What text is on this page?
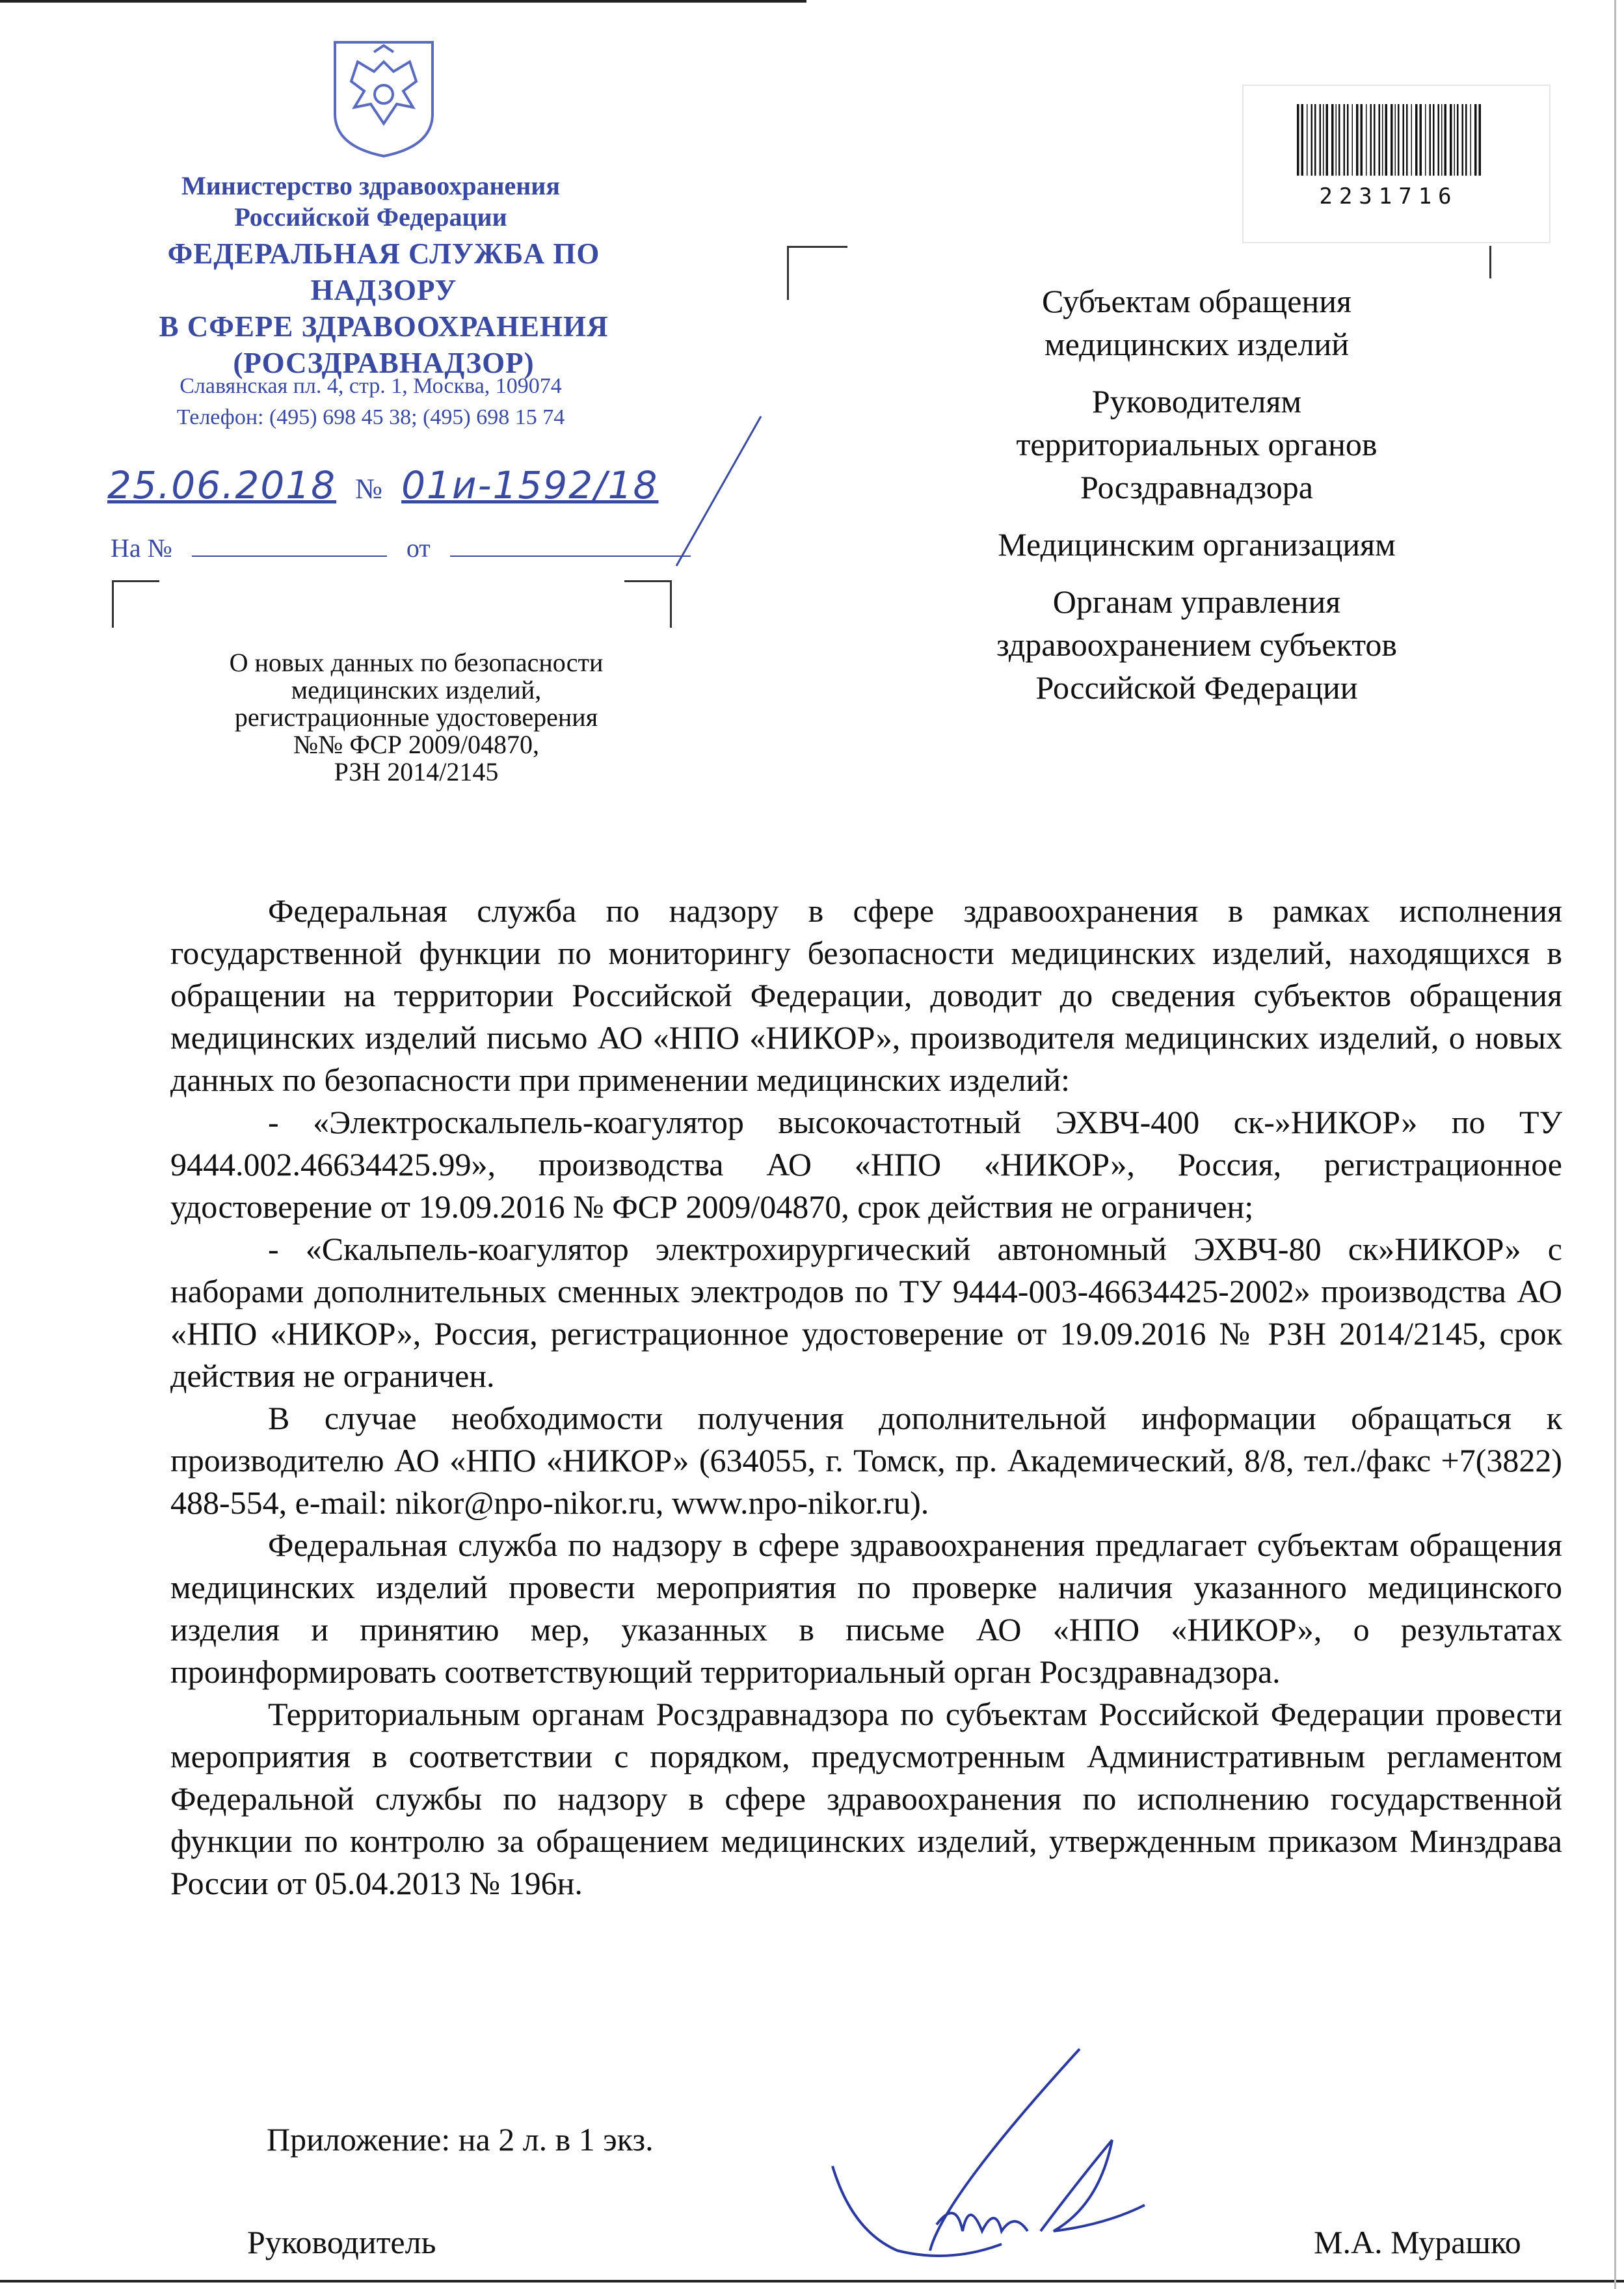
Министерство здравоохранения
Российской Федерации
ФЕДЕРАЛЬНАЯ СЛУЖБА ПО НАДЗОРУ
В СФЕРЕ ЗДРАВООХРАНЕНИЯ
(РОСЗДРАВНАДЗОР)
Славянская пл. 4, стр. 1, Москва, 109074
Телефон: (495) 698 45 38; (495) 698 15 74
25.06.2018 № 01и-1592/18
На №	от
О новых данных по безопасности
медицинских изделий,
регистрационные удостоверения
№№ ФСР 2009/04870,
РЗН 2014/2145
2231716

Субъектам обращения медицинских изделий

Руководителям территориальных органов Росздравнадзора

Медицинским организациям

Органам управления здравоохранением субъектов Российской Федерации

Федеральная служба по надзору в сфере здравоохранения в рамках исполнения государственной функции по мониторингу безопасности медицинских изделий, находящихся в обращении на территории Российской Федерации, доводит до сведения субъектов обращения медицинских изделий письмо АО «НПО «НИКОР», производителя медицинских изделий, о новых данных по безопасности при применении медицинских изделий:

- «Электроскальпель-коагулятор высокочастотный ЭХВЧ-400 ск-»НИКОР» по ТУ 9444.002.46634425.99», производства АО «НПО «НИКОР», Россия, регистрационное удостоверение от 19.09.2016 № ФСР 2009/04870, срок действия не ограничен;

- «Скальпель-коагулятор электрохирургический автономный ЭХВЧ-80 ск»НИКОР» с наборами дополнительных сменных электродов по ТУ 9444-003-46634425-2002» производства АО «НПО «НИКОР», Россия, регистрационное удостоверение от 19.09.2016 № РЗН 2014/2145, срок действия не ограничен.

В случае необходимости получения дополнительной информации обращаться к производителю АО «НПО «НИКОР» (634055, г. Томск, пр. Академический, 8/8, тел./факс +7(3822) 488-554, e-mail: nikor@npo-nikor.ru, www.npo-nikor.ru).

Федеральная служба по надзору в сфере здравоохранения предлагает субъектам обращения медицинских изделий провести мероприятия по проверке наличия указанного медицинского изделия и принятию мер, указанных в письме АО «НПО «НИКОР», о результатах проинформировать соответствующий территориальный орган Росздравнадзора.

Территориальным органам Росздравнадзора по субъектам Российской Федерации провести мероприятия в соответствии с порядком, предусмотренным Административным регламентом Федеральной службы по надзору в сфере здравоохранения по исполнению государственной функции по контролю за обращением медицинских изделий, утвержденным приказом Минздрава России от 05.04.2013 № 196н.

Приложение: на 2 л. в 1 экз.
Руководитель	М.А. Мурашко
